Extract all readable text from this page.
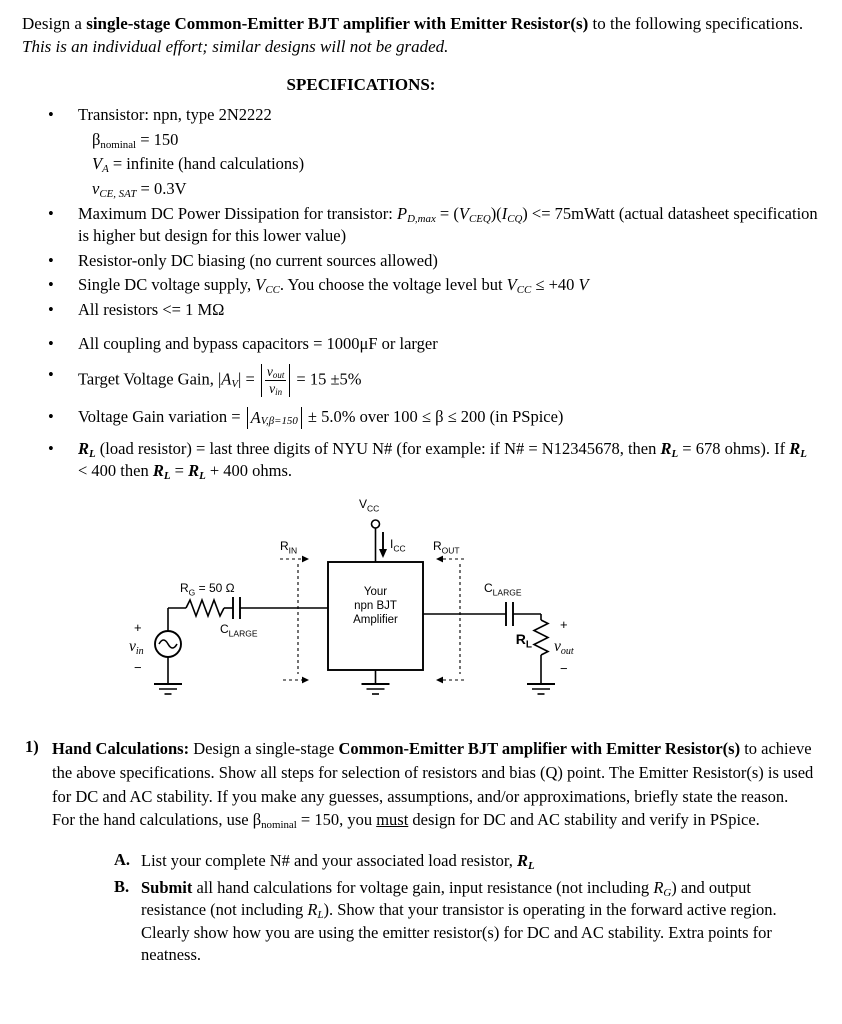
Design a single-stage Common-Emitter BJT amplifier with Emitter Resistor(s) to the following specifications. This is an individual effort; similar designs will not be graded.

SPECIFICATIONS:
•	Transistor: npn, type 2N2222
βnominal = 150
VA = infinite (hand calculations)
vCE, SAT = 0.3V
•	Maximum DC Power Dissipation for transistor: PD,max = (VCEQ)(ICQ) <= 75mWatt (actual datasheet specification is higher but design for this lower value)
•	Resistor-only DC biasing (no current sources allowed)
•	Single DC voltage supply, VCC. You choose the voltage level but VCC ≤ +40 V
•	All resistors <= 1 MΩ
•	All coupling and bypass capacitors = 1000μF or larger
•	Target Voltage Gain, $|AV| = \frac{\text{vout}}{\text{vin}} = 15 \pm 5\%$
•	Voltage Gain variation = A V,β=150 ± 5.0% over 100 ≤ β ≤ 200 (in PSpice)
•	RL (load resistor) = last three digits of NYU N# (for example: if N# = N12345678, then RL = 678 ohms). If RL < 400 then RL = RL + 400 ohms.
$V_{CC}$
$I_{CC}$
Your
npn BJT
Amplifier
+
vin
−
$R_G = 50$ Ω
$C_{LARGE}$
$R_{IN}$	$R_{OUT}$
$C_{LARGE}$
$R_L$
+
vout
−
1) Hand Calculations: Design a single-stage Common-Emitter BJT amplifier with Emitter Resistor(s) to achieve the above specifications. Show all steps for selection of resistors and bias (Q) point. The Emitter Resistor(s) is used for DC and AC stability. If you make any guesses, assumptions, and/or approximations, briefly state the reason. For the hand calculations, use βnominal = 150, you must design for DC and AC stability and verify in PSpice.
A. List your complete N# and your associated load resistor, RL
B. Submit all hand calculations for voltage gain, input resistance (not including RG) and output resistance (not including RL). Show that your transistor is operating in the forward active region. Clearly show how you are using the emitter resistor(s) for DC and AC stability. Extra points for neatness.
